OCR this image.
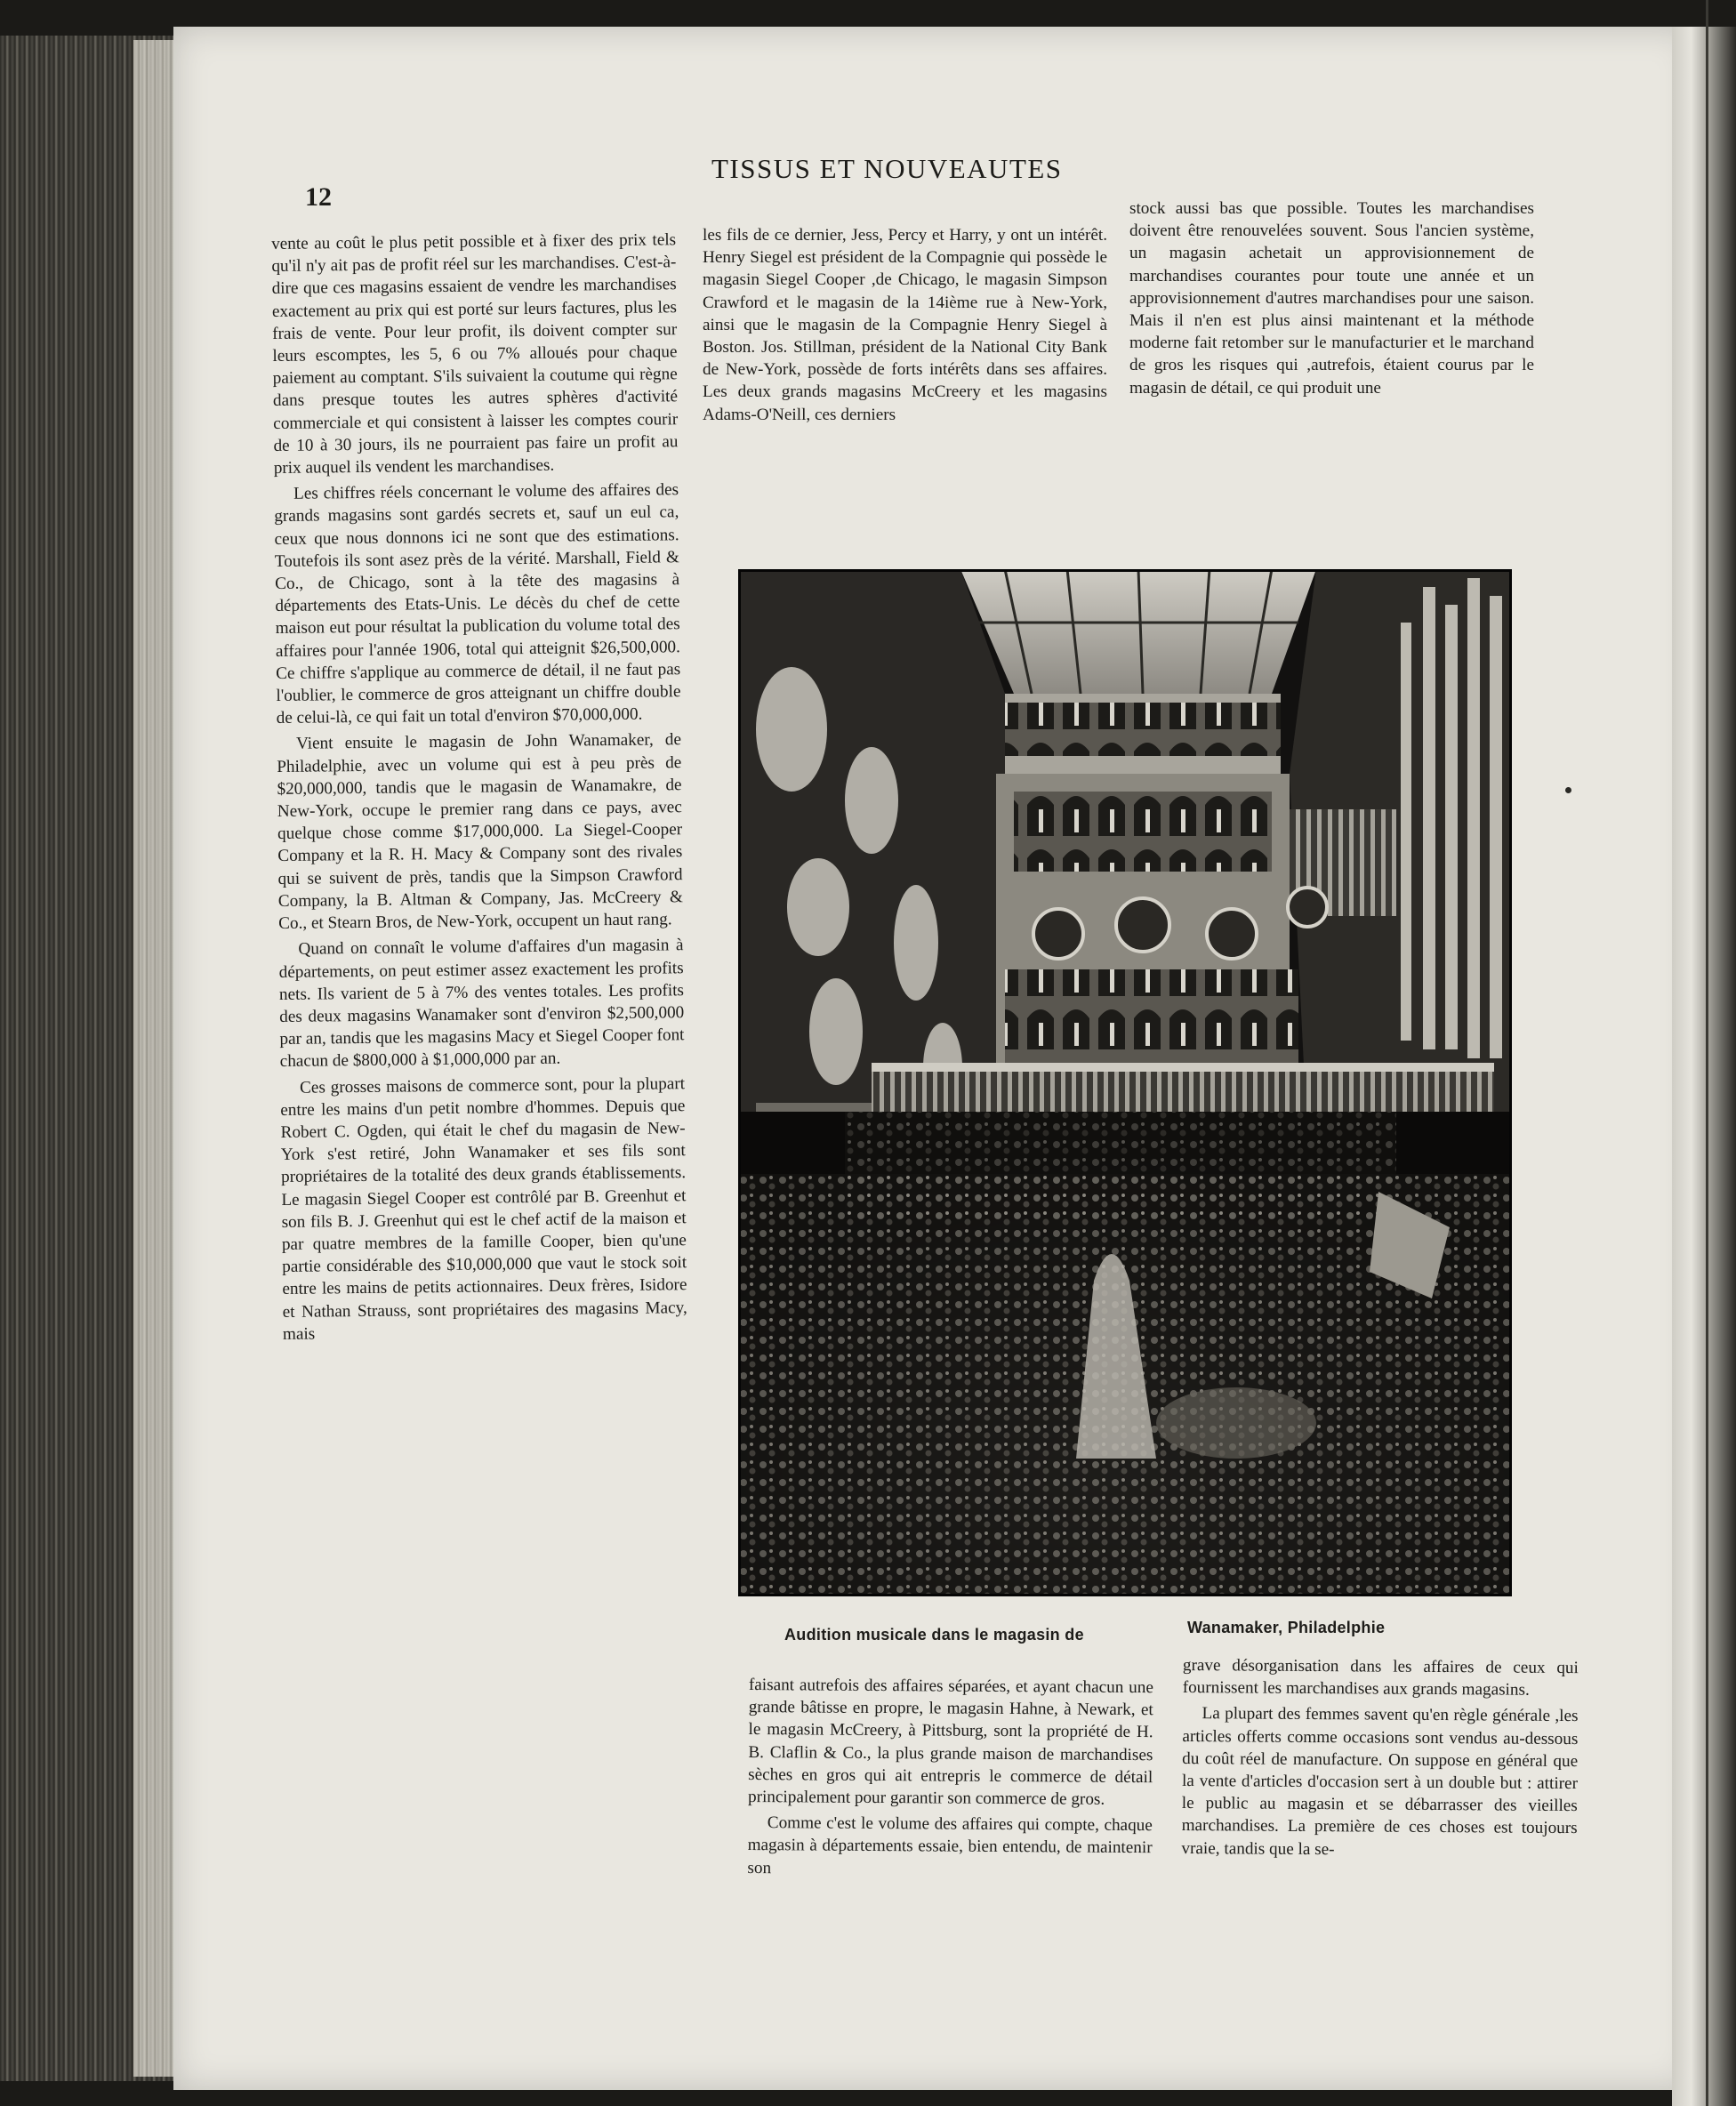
12
TISSUS ET NOUVEAUTES

vente au coût le plus petit possible et à fixer des prix tels qu'il n'y ait pas de profit réel sur les marchandises. C'est-à-dire que ces magasins essaient de vendre les marchandises exactement au prix qui est porté sur leurs factures, plus les frais de vente. Pour leur profit, ils doivent compter sur leurs escomptes, les 5, 6 ou 7% alloués pour chaque paiement au comptant. S'ils suivaient la coutume qui règne dans presque toutes les autres sphères d'activité commerciale et qui consistent à laisser les comptes courir de 10 à 30 jours, ils ne pourraient pas faire un profit au prix auquel ils vendent les marchandises.

Les chiffres réels concernant le volume des affaires des grands magasins sont gardés secrets et, sauf un eul ca, ceux que nous donnons ici ne sont que des estimations. Toutefois ils sont asez près de la vérité. Marshall, Field & Co., de Chicago, sont à la tête des magasins à départements des Etats-Unis. Le décès du chef de cette maison eut pour résultat la publication du volume total des affaires pour l'année 1906, total qui atteignit $26,500,000. Ce chiffre s'applique au commerce de détail, il ne faut pas l'oublier, le commerce de gros atteignant un chiffre double de celui-là, ce qui fait un total d'environ $70,000,000.

Vient ensuite le magasin de John Wanamaker, de Philadelphie, avec un volume qui est à peu près de $20,000,000, tandis que le magasin de Wanamakre, de New-York, occupe le premier rang dans ce pays, avec quelque chose comme $17,000,000. La Siegel-Cooper Company et la R. H. Macy & Company sont des rivales qui se suivent de près, tandis que la Simpson Crawford Company, la B. Altman & Company, Jas. McCreery & Co., et Stearn Bros, de New-York, occupent un haut rang.

Quand on connaît le volume d'affaires d'un magasin à départements, on peut estimer assez exactement les profits nets. Ils varient de 5 à 7% des ventes totales. Les profits des deux magasins Wanamaker sont d'environ $2,500,000 par an, tandis que les magasins Macy et Siegel Cooper font chacun de $800,000 à $1,000,000 par an.

Ces grosses maisons de commerce sont, pour la plupart entre les mains d'un petit nombre d'hommes. Depuis que Robert C. Ogden, qui était le chef du magasin de New-York s'est retiré, John Wanamaker et ses fils sont propriétaires de la totalité des deux grands établissements. Le magasin Siegel Cooper est contrôlé par B. Greenhut et son fils B. J. Greenhut qui est le chef actif de la maison et par quatre membres de la famille Cooper, bien qu'une partie considérable des $10,000,000 que vaut le stock soit entre les mains de petits actionnaires. Deux frères, Isidore et Nathan Strauss, sont propriétaires des magasins Macy, mais

les fils de ce dernier, Jess, Percy et Harry, y ont un intérêt. Henry Siegel est président de la Compagnie qui possède le magasin Siegel Cooper ,de Chicago, le magasin Simpson Crawford et le magasin de la 14ième rue à New-York, ainsi que le magasin de la Compagnie Henry Siegel à Boston. Jos. Stillman, président de la National City Bank de New-York, possède de forts intérêts dans ses affaires. Les deux grands magasins McCreery et les magasins Adams-O'Neill, ces derniers

stock aussi bas que possible. Toutes les marchandises doivent être renouvelées souvent. Sous l'ancien système, un magasin achetait un approvisionnement de marchandises courantes pour toute une année et un approvisionnement d'autres marchandises pour une saison. Mais il n'en est plus ainsi maintenant et la méthode moderne fait retomber sur le manufacturier et le marchand de gros les risques qui ,autrefois, étaient courus par le magasin de détail, ce qui produit une

Audition musicale dans le magasin de	Wanamaker, Philadelphie

faisant autrefois des affaires séparées, et ayant chacun une grande bâtisse en propre, le magasin Hahne, à Newark, et le magasin McCreery, à Pittsburg, sont la propriété de H. B. Claflin & Co., la plus grande maison de marchandises sèches en gros qui ait entrepris le commerce de détail principalement pour garantir son commerce de gros.

Comme c'est le volume des affaires qui compte, chaque magasin à départements essaie, bien entendu, de maintenir son

grave désorganisation dans les affaires de ceux qui fournissent les marchandises aux grands magasins.

La plupart des femmes savent qu'en règle générale ,les articles offerts comme occasions sont vendus au-dessous du coût réel de manufacture. On suppose en général que la vente d'articles d'occasion sert à un double but : attirer le public au magasin et se débarrasser des vieilles marchandises. La première de ces choses est toujours vraie, tandis que la se-
